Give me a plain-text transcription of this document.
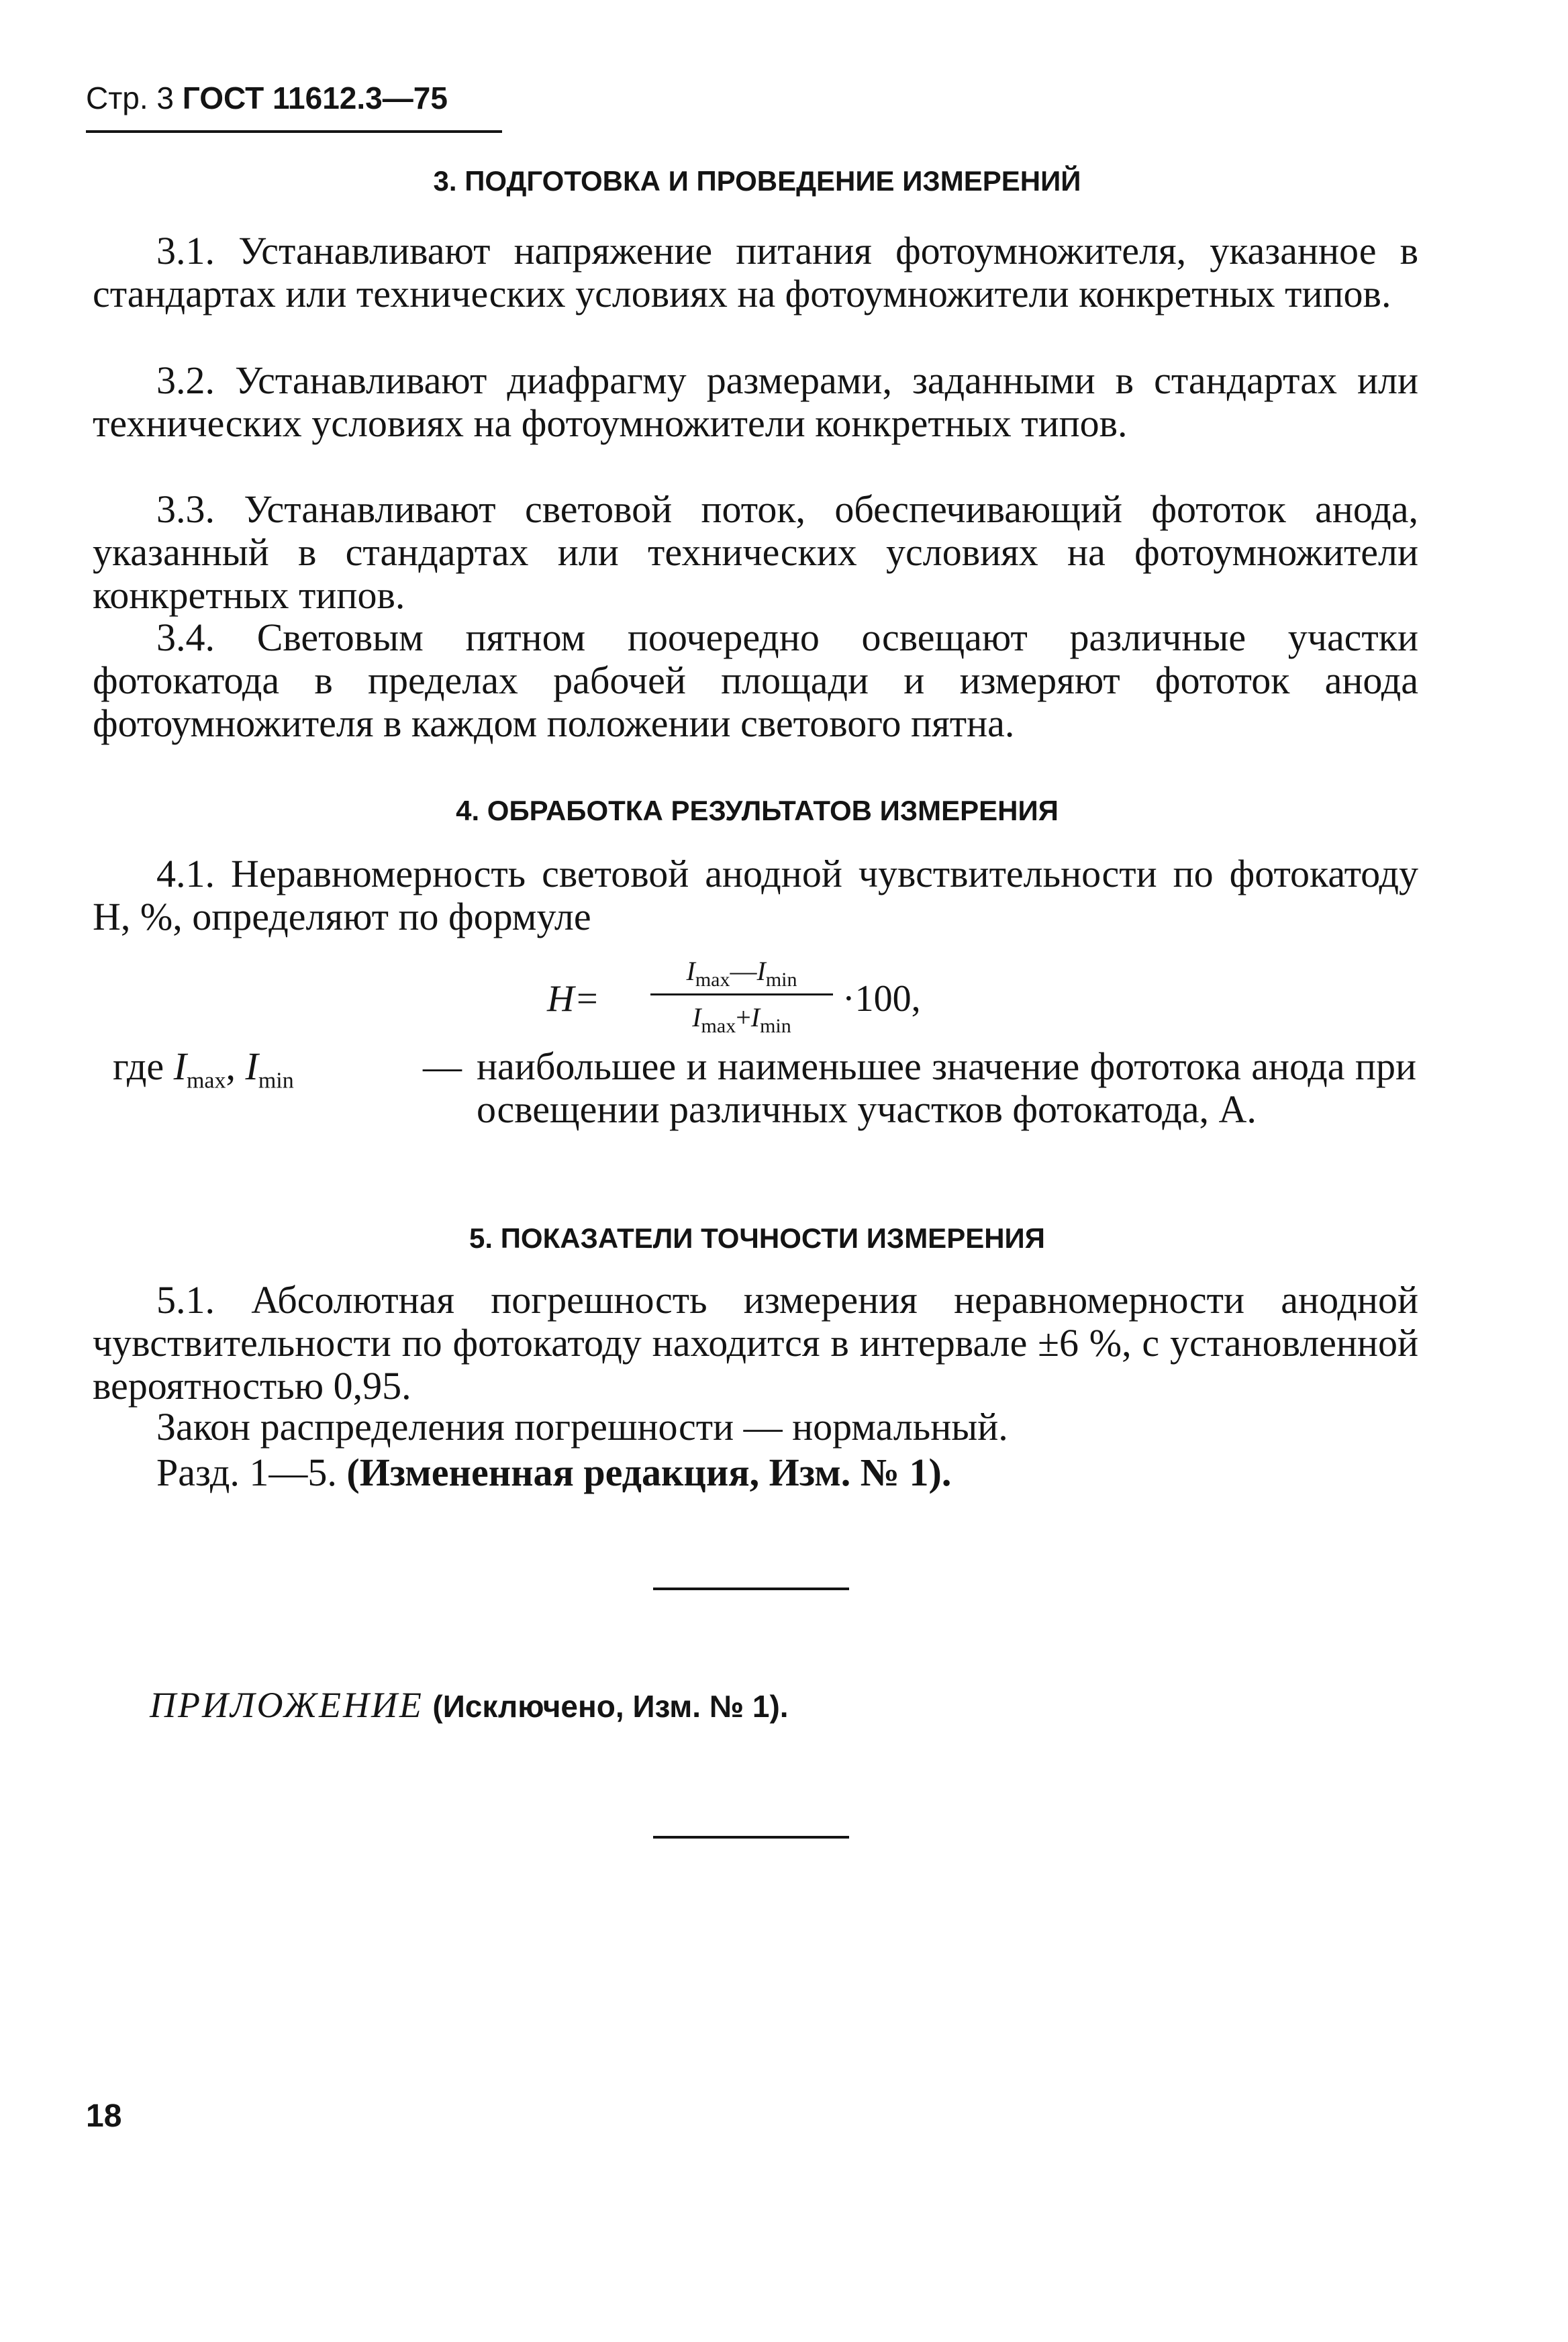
Стр. 3 ГОСТ 11612.3—75
3. ПОДГОТОВКА И ПРОВЕДЕНИЕ ИЗМЕРЕНИЙ

3.1. Устанавливают напряжение питания фотоумножителя, указанное в стандартах или технических условиях на фотоумножители конкретных типов.

3.2. Устанавливают диафрагму размерами, заданными в стандартах или технических условиях на фотоумножители конкретных типов.

3.3. Устанавливают световой поток, обеспечивающий фототок анода, указанный в стандартах или технических условиях на фотоумножители конкретных типов.

3.4. Световым пятном поочередно освещают различные участки фотокатода в пределах рабочей площади и измеряют фототок анода фотоумножителя в каждом положении светового пятна.

4. ОБРАБОТКА РЕЗУЛЬТАТОВ ИЗМЕРЕНИЯ

4.1. Неравномерность световой анодной чувствительности по фотокатоду H, %, определяют по формуле

H=
$I_{max}—I_{min}$
$I_{max}+I_{min}$
·100,
где $I_{max}$, $I_{min}$	— наибольшее и наименьшее значение фототока анода при освещении различных участков фотокатода, А.

5. ПОКАЗАТЕЛИ ТОЧНОСТИ ИЗМЕРЕНИЯ

5.1. Абсолютная погрешность измерения неравномерности анодной чувствительности по фотокатоду находится в интервале ±6 %, с установленной вероятностью 0,95.

Закон распределения погрешности — нормальный.
Разд. 1—5. (Измененная редакция, Изм. № 1).
ПРИЛОЖЕНИЕ (Исключено, Изм. № 1).
18
